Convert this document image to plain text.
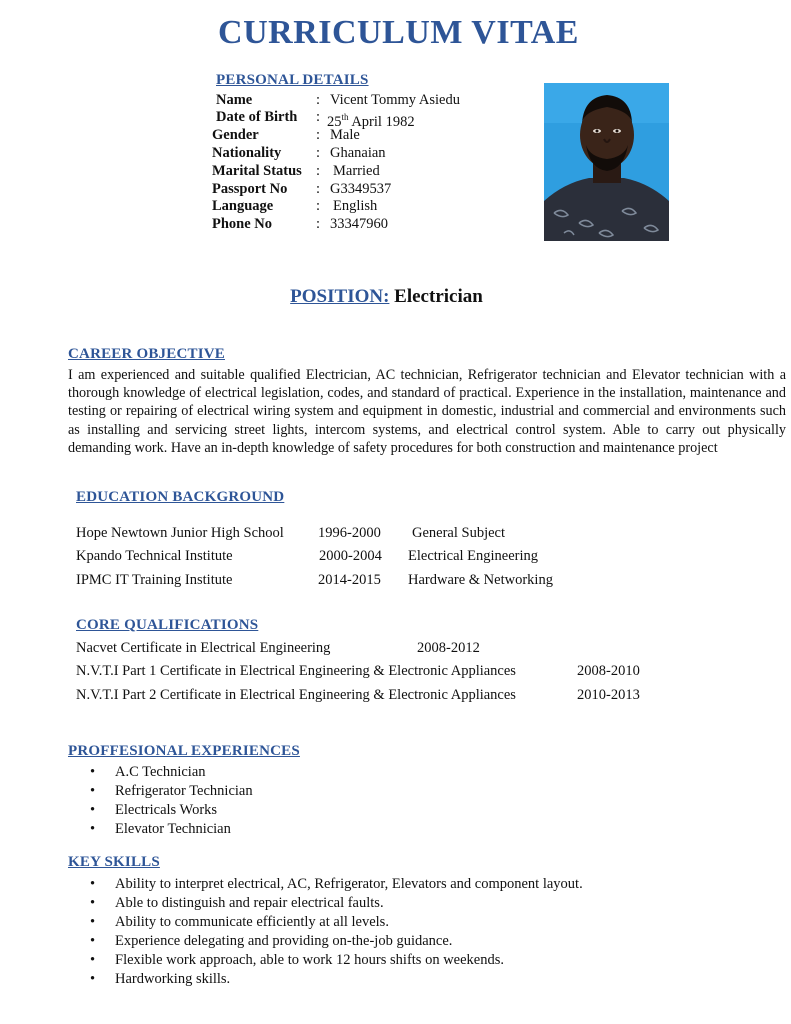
CURRICULUM VITAE
PERSONAL DETAILS
Name	: Vicent Tommy Asiedu
Date of Birth : 25th April 1982
Gender	: Male
Nationality : Ghanaian
Marital Status : Married
Passport No : G3349537
Language	: English
Phone No	: 33347960
POSITION: Electrician
CAREER OBJECTIVE
I am experienced and suitable qualified Electrician, AC technician, Refrigerator technician and Elevator technician with a thorough knowledge of electrical legislation, codes, and standard of practical. Experience in the installation, maintenance and testing or repairing of electrical wiring system and equipment in domestic, industrial and commercial and environments such as installing and servicing street lights, intercom systems, and electrical control system. Able to carry out physically demanding work. Have an in-depth knowledge of safety procedures for both construction and maintenance project
EDUCATION BACKGROUND
Hope Newtown Junior High School 1996-2000 General Subject
Kpando Technical Institute	2000-2004 Electrical Engineering
IPMC IT Training Institute	2014-2015 Hardware & Networking
CORE QUALIFICATIONS
Nacvet Certificate in Electrical Engineering	2008-2012
N.V.T.I Part 1 Certificate in Electrical Engineering & Electronic Appliances	2008-2010
N.V.T.I Part 2 Certificate in Electrical Engineering & Electronic Appliances	2010-2013
PROFFESIONAL EXPERIENCES
• A.C Technician
• Refrigerator Technician
• Electricals Works
• Elevator Technician
KEY SKILLS
• Ability to interpret electrical, AC, Refrigerator, Elevators and component layout.
• Able to distinguish and repair electrical faults.
• Ability to communicate efficiently at all levels.
• Experience delegating and providing on-the-job guidance.
• Flexible work approach, able to work 12 hours shifts on weekends.
• Hardworking skills.
